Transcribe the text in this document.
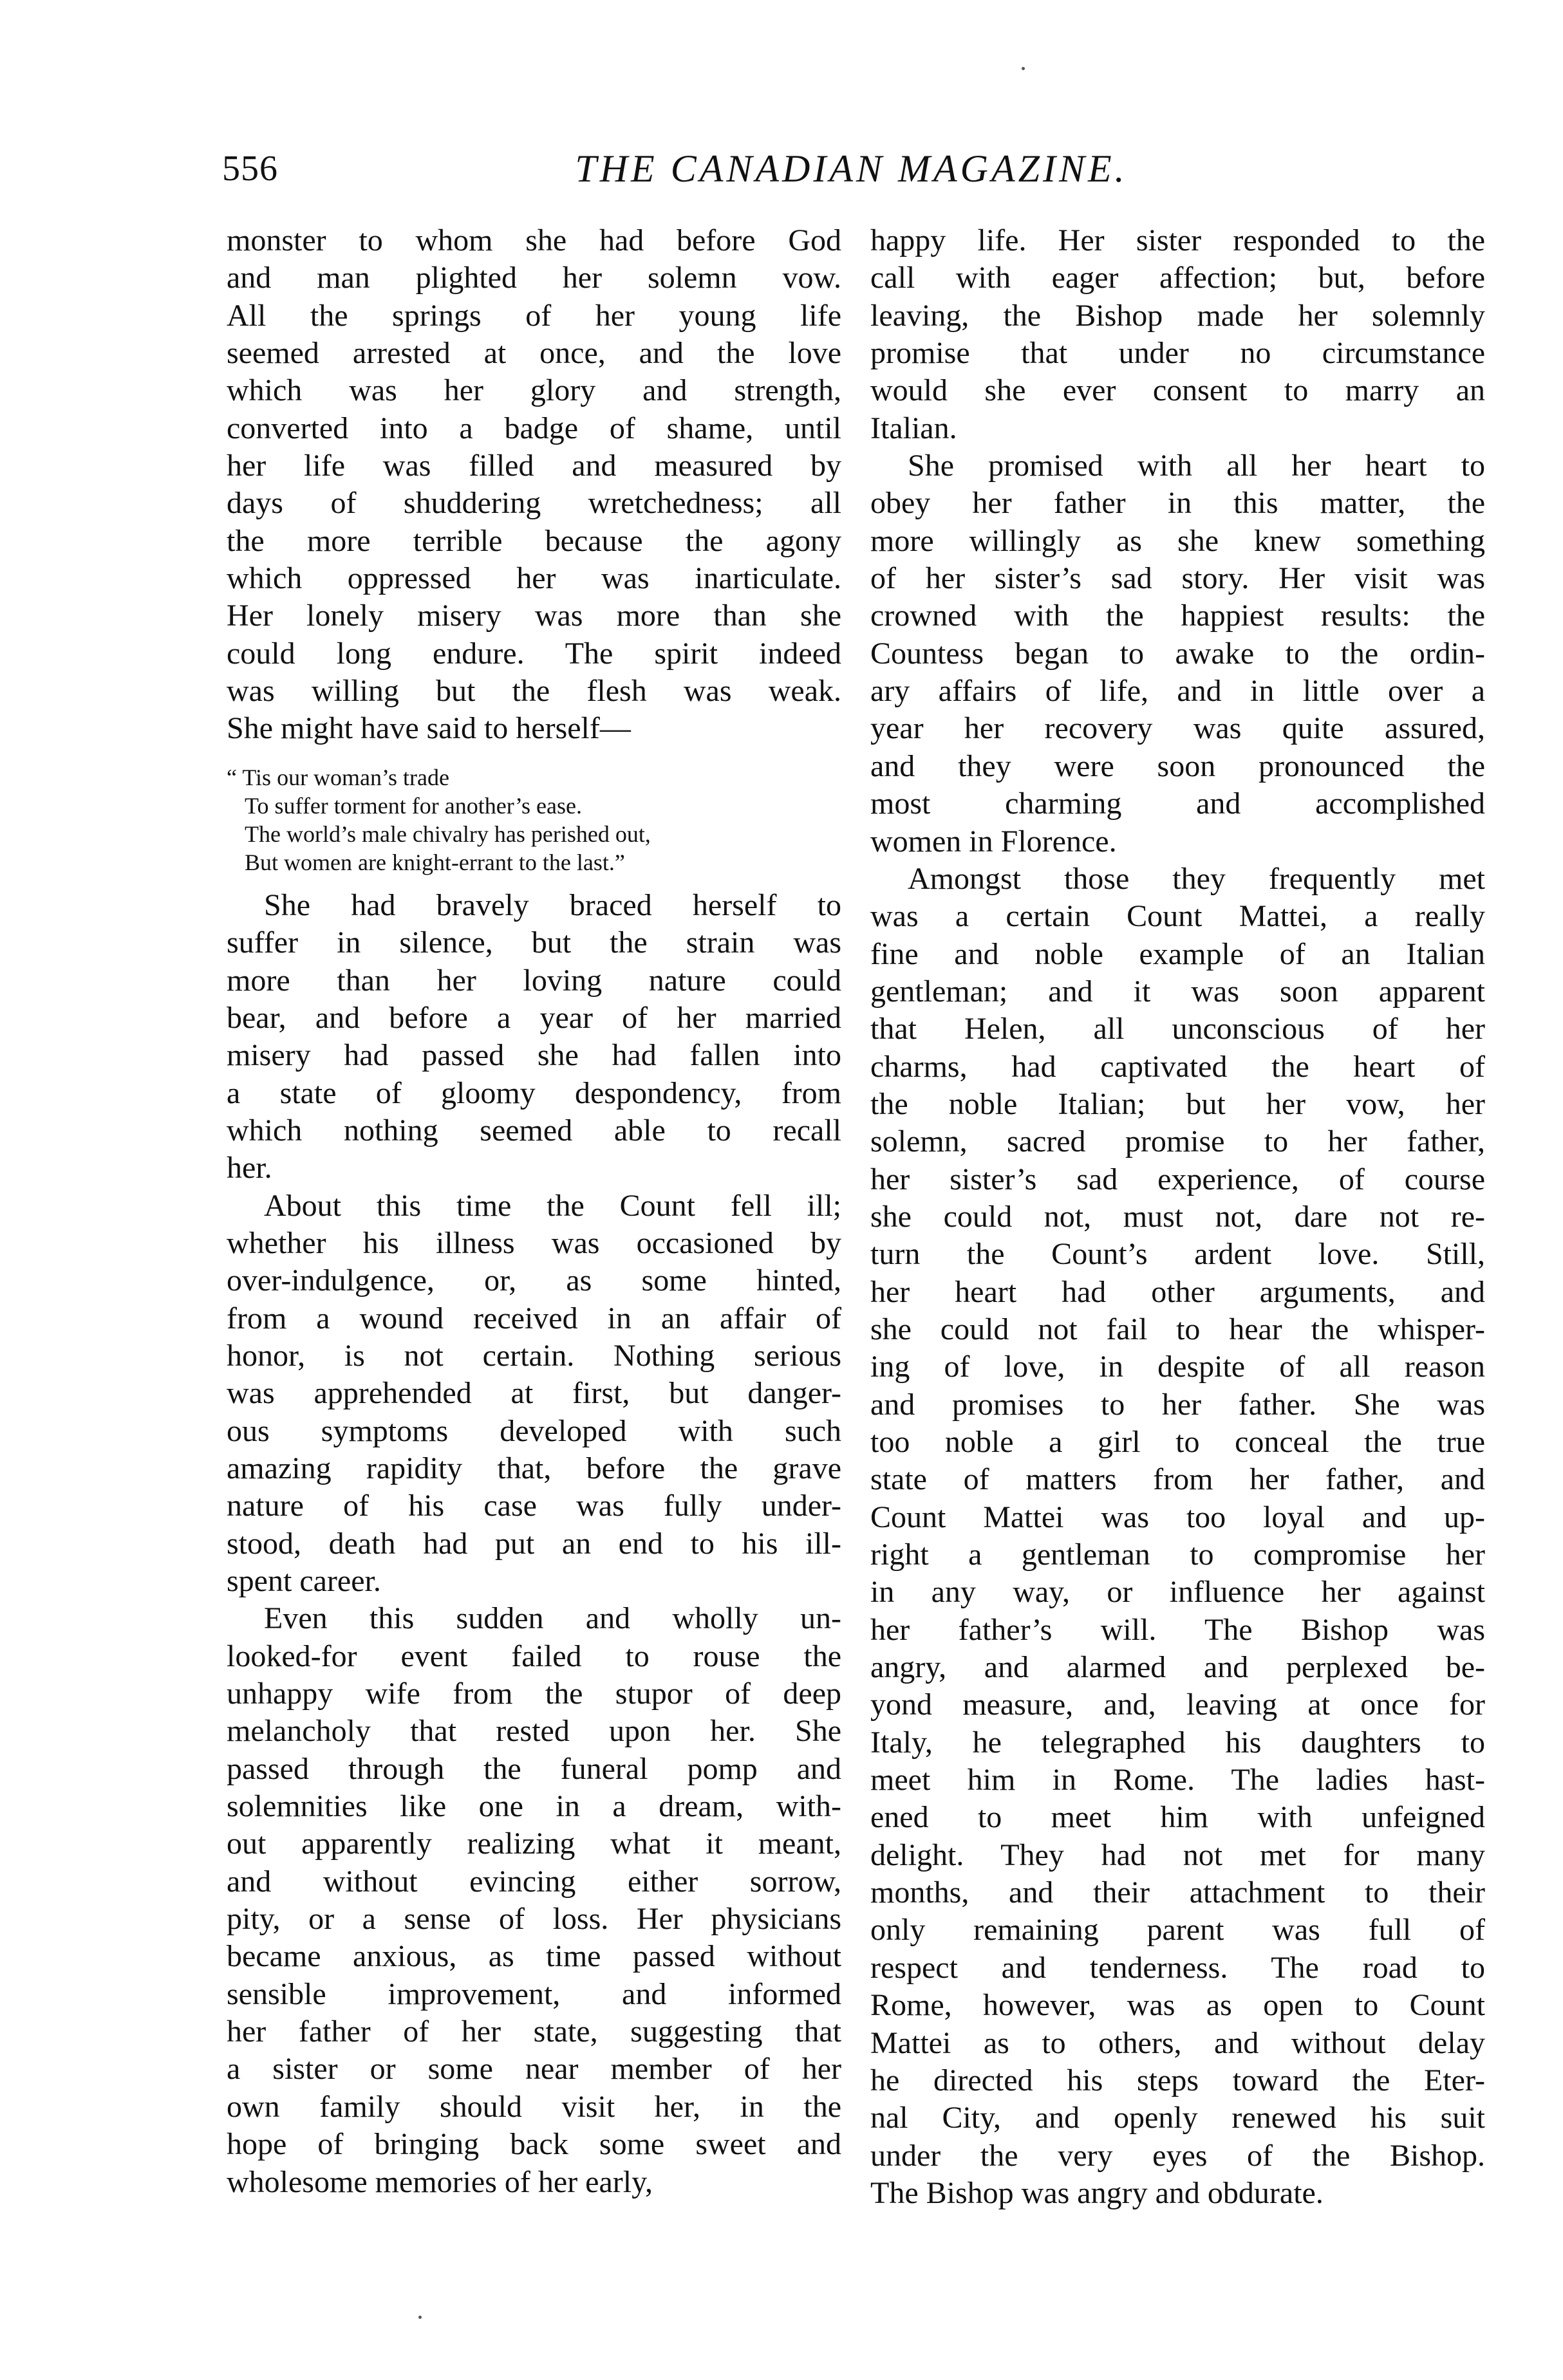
556	THE CANADIAN MAGAZINE.
monster to whom she had before God
and man plighted her solemn vow.
All the springs of her young life
seemed arrested at once, and the love
which was her glory and strength,
converted into a badge of shame, until
her life was filled and measured by
days of shuddering wretchedness; all
the more terrible because the agony
which oppressed her was inarticulate.
Her lonely misery was more than she
could long endure. The spirit indeed
was willing but the flesh was weak.
She might have said to herself—
“ Tis our woman’s trade
To suffer torment for another’s ease.
The world’s male chivalry has perished out,
But women are knight-errant to the last.”
She had bravely braced herself to
suffer in silence, but the strain was
more than her loving nature could
bear, and before a year of her married
misery had passed she had fallen into
a state of gloomy despondency, from
which nothing seemed able to recall
her.
About this time the Count fell ill;
whether his illness was occasioned by
over-indulgence, or, as some hinted,
from a wound received in an affair of
honor, is not certain. Nothing serious
was apprehended at first, but danger-
ous symptoms developed with such
amazing rapidity that, before the grave
nature of his case was fully under-
stood, death had put an end to his ill-
spent career.
Even this sudden and wholly un-
looked-for event failed to rouse the
unhappy wife from the stupor of deep
melancholy that rested upon her. She
passed through the funeral pomp and
solemnities like one in a dream, with-
out apparently realizing what it meant,
and without evincing either sorrow,
pity, or a sense of loss. Her physicians
became anxious, as time passed without
sensible improvement, and informed
her father of her state, suggesting that
a sister or some near member of her
own family should visit her, in the
hope of bringing back some sweet and
wholesome memories of her early,
happy life. Her sister responded to the
call with eager affection; but, before
leaving, the Bishop made her solemnly
promise that under no circumstance
would she ever consent to marry an
Italian.
She promised with all her heart to
obey her father in this matter, the
more willingly as she knew something
of her sister’s sad story. Her visit was
crowned with the happiest results: the
Countess began to awake to the ordin-
ary affairs of life, and in little over a
year her recovery was quite assured,
and they were soon pronounced the
most charming and accomplished
women in Florence.
Amongst those they frequently met
was a certain Count Mattei, a really
fine and noble example of an Italian
gentleman; and it was soon apparent
that Helen, all unconscious of her
charms, had captivated the heart of
the noble Italian; but her vow, her
solemn, sacred promise to her father,
her sister’s sad experience, of course
she could not, must not, dare not re-
turn the Count’s ardent love. Still,
her heart had other arguments, and
she could not fail to hear the whisper-
ing of love, in despite of all reason
and promises to her father. She was
too noble a girl to conceal the true
state of matters from her father, and
Count Mattei was too loyal and up-
right a gentleman to compromise her
in any way, or influence her against
her father’s will. The Bishop was
angry, and alarmed and perplexed be-
yond measure, and, leaving at once for
Italy, he telegraphed his daughters to
meet him in Rome. The ladies hast-
ened to meet him with unfeigned
delight. They had not met for many
months, and their attachment to their
only remaining parent was full of
respect and tenderness. The road to
Rome, however, was as open to Count
Mattei as to others, and without delay
he directed his steps toward the Eter-
nal City, and openly renewed his suit
under the very eyes of the Bishop.
The Bishop was angry and obdurate.
